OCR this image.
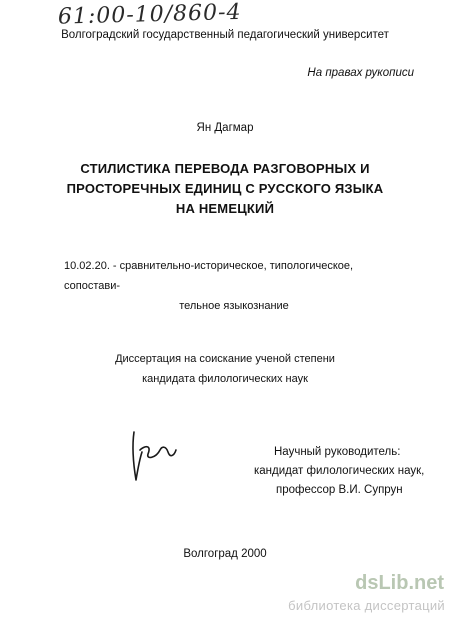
61:00-10/860-4
Волгоградский государственный педагогический университет
На правах рукописи
Ян Дагмар
СТИЛИСТИКА ПЕРЕВОДА РАЗГОВОРНЫХ И
ПРОСТОРЕЧНЫХ ЕДИНИЦ С РУССКОГО ЯЗЫКА
НА НЕМЕЦКИЙ
10.02.20. - сравнительно-историческое, типологическое, сопостави-
тельное языкознание
Диссертация на соискание ученой степени
кандидата филологических наук
Научный руководитель:
кандидат филологических наук,
профессор В.И. Супрун
Волгоград 2000
dsLib.net
библиотека диссертаций
